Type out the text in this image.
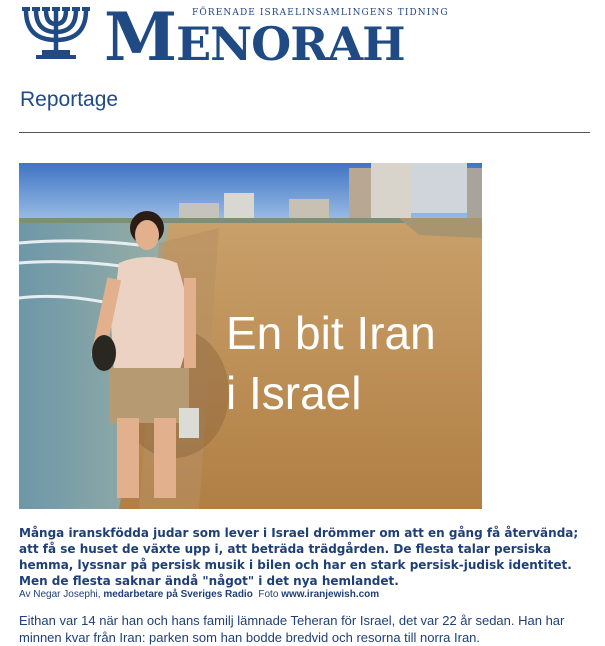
MENORAH
FÖRENADE ISRAELINSAMLINGENS TIDNING
Reportage
En bit Iran
i Israel
Många iranskfödda judar som lever i Israel drömmer om att en gång få återvända; att få se huset de växte upp i, att beträda trädgården. De flesta talar persiska hemma, lyssnar på persisk musik i bilen och har en stark persisk-judisk identitet. Men de flesta saknar ändå "något" i det nya hemlandet.
Av Negar Josephi, medarbetare på Sveriges Radio Foto www.iranjewish.com
Eithan var 14 när han och hans familj lämnade Teheran för Israel, det var 22 år sedan. Han har minnen kvar från Iran: parken som han bodde bredvid och resorna till norra Iran.
